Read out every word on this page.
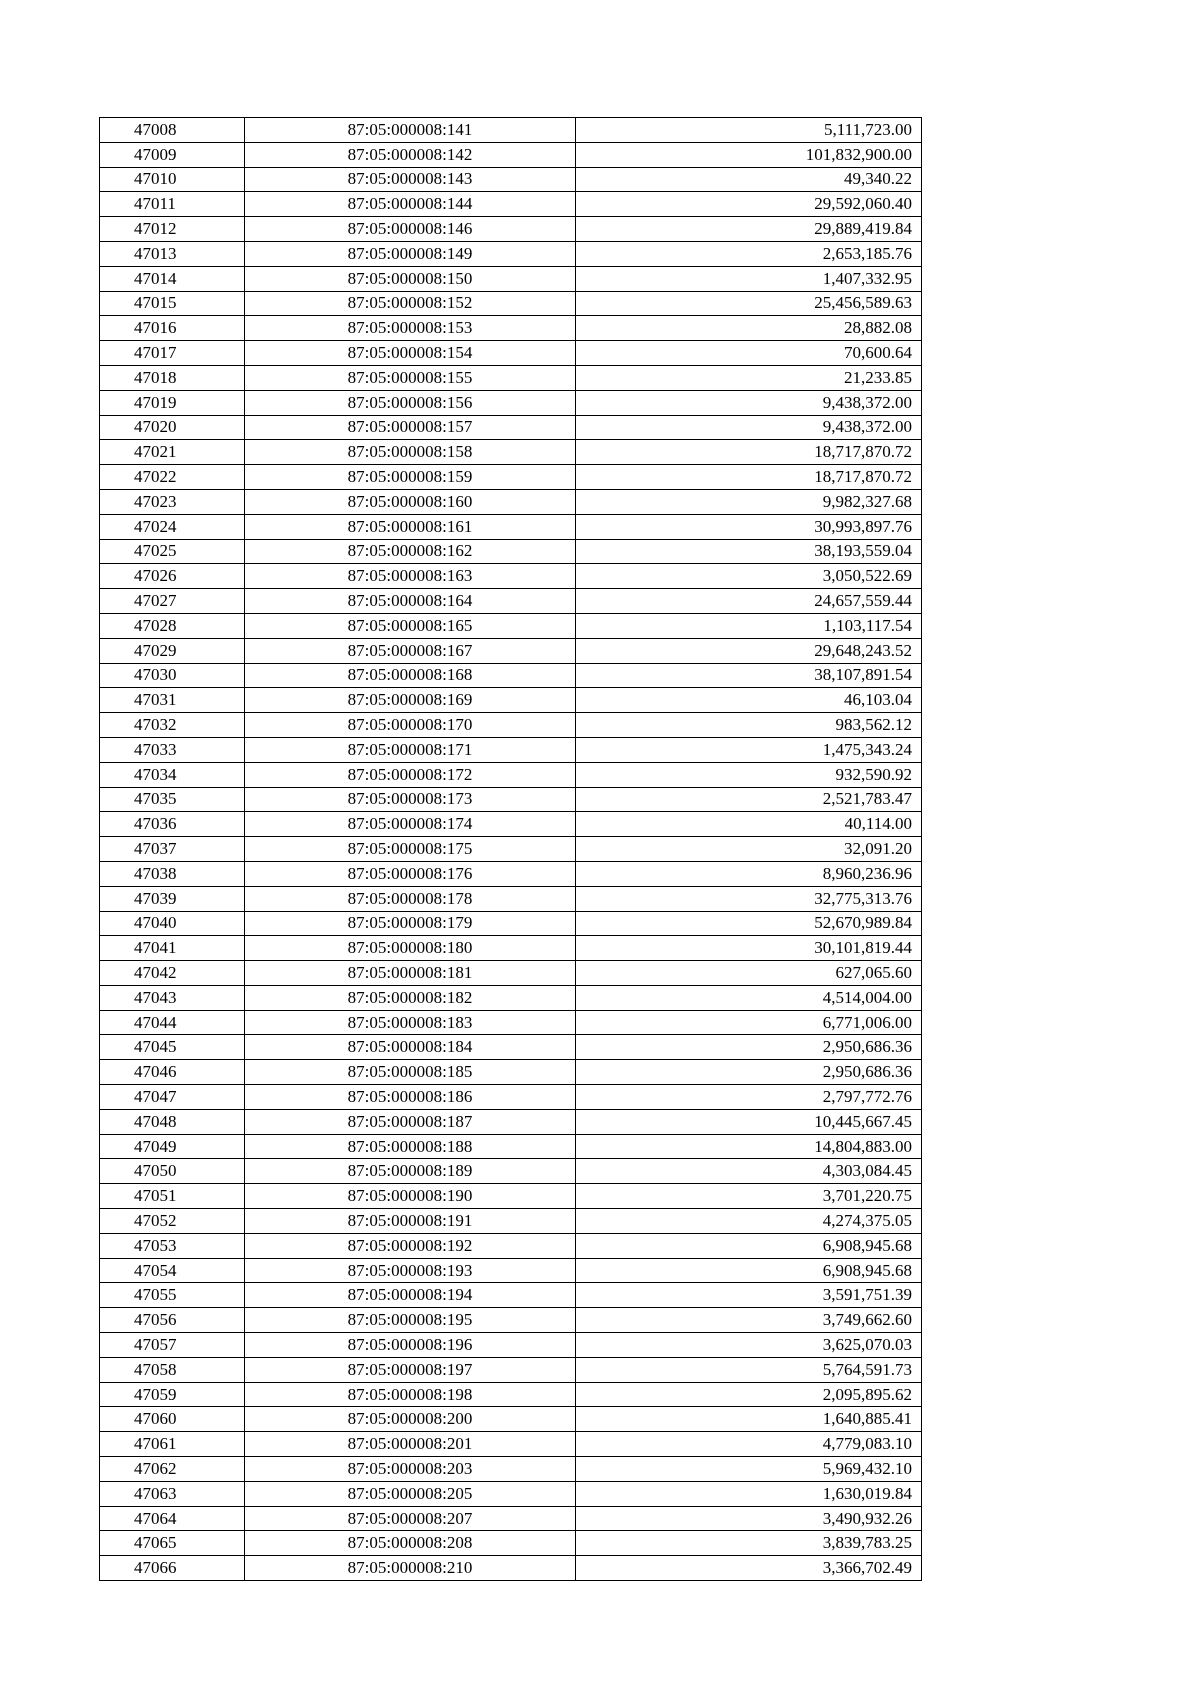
47008	87:05:000008:141	5,111,723.00
47009	87:05:000008:142	101,832,900.00
47010	87:05:000008:143	49,340.22
47011	87:05:000008:144	29,592,060.40
47012	87:05:000008:146	29,889,419.84
47013	87:05:000008:149	2,653,185.76
47014	87:05:000008:150	1,407,332.95
47015	87:05:000008:152	25,456,589.63
47016	87:05:000008:153	28,882.08
47017	87:05:000008:154	70,600.64
47018	87:05:000008:155	21,233.85
47019	87:05:000008:156	9,438,372.00
47020	87:05:000008:157	9,438,372.00
47021	87:05:000008:158	18,717,870.72
47022	87:05:000008:159	18,717,870.72
47023	87:05:000008:160	9,982,327.68
47024	87:05:000008:161	30,993,897.76
47025	87:05:000008:162	38,193,559.04
47026	87:05:000008:163	3,050,522.69
47027	87:05:000008:164	24,657,559.44
47028	87:05:000008:165	1,103,117.54
47029	87:05:000008:167	29,648,243.52
47030	87:05:000008:168	38,107,891.54
47031	87:05:000008:169	46,103.04
47032	87:05:000008:170	983,562.12
47033	87:05:000008:171	1,475,343.24
47034	87:05:000008:172	932,590.92
47035	87:05:000008:173	2,521,783.47
47036	87:05:000008:174	40,114.00
47037	87:05:000008:175	32,091.20
47038	87:05:000008:176	8,960,236.96
47039	87:05:000008:178	32,775,313.76
47040	87:05:000008:179	52,670,989.84
47041	87:05:000008:180	30,101,819.44
47042	87:05:000008:181	627,065.60
47043	87:05:000008:182	4,514,004.00
47044	87:05:000008:183	6,771,006.00
47045	87:05:000008:184	2,950,686.36
47046	87:05:000008:185	2,950,686.36
47047	87:05:000008:186	2,797,772.76
47048	87:05:000008:187	10,445,667.45
47049	87:05:000008:188	14,804,883.00
47050	87:05:000008:189	4,303,084.45
47051	87:05:000008:190	3,701,220.75
47052	87:05:000008:191	4,274,375.05
47053	87:05:000008:192	6,908,945.68
47054	87:05:000008:193	6,908,945.68
47055	87:05:000008:194	3,591,751.39
47056	87:05:000008:195	3,749,662.60
47057	87:05:000008:196	3,625,070.03
47058	87:05:000008:197	5,764,591.73
47059	87:05:000008:198	2,095,895.62
47060	87:05:000008:200	1,640,885.41
47061	87:05:000008:201	4,779,083.10
47062	87:05:000008:203	5,969,432.10
47063	87:05:000008:205	1,630,019.84
47064	87:05:000008:207	3,490,932.26
47065	87:05:000008:208	3,839,783.25
47066	87:05:000008:210	3,366,702.49
